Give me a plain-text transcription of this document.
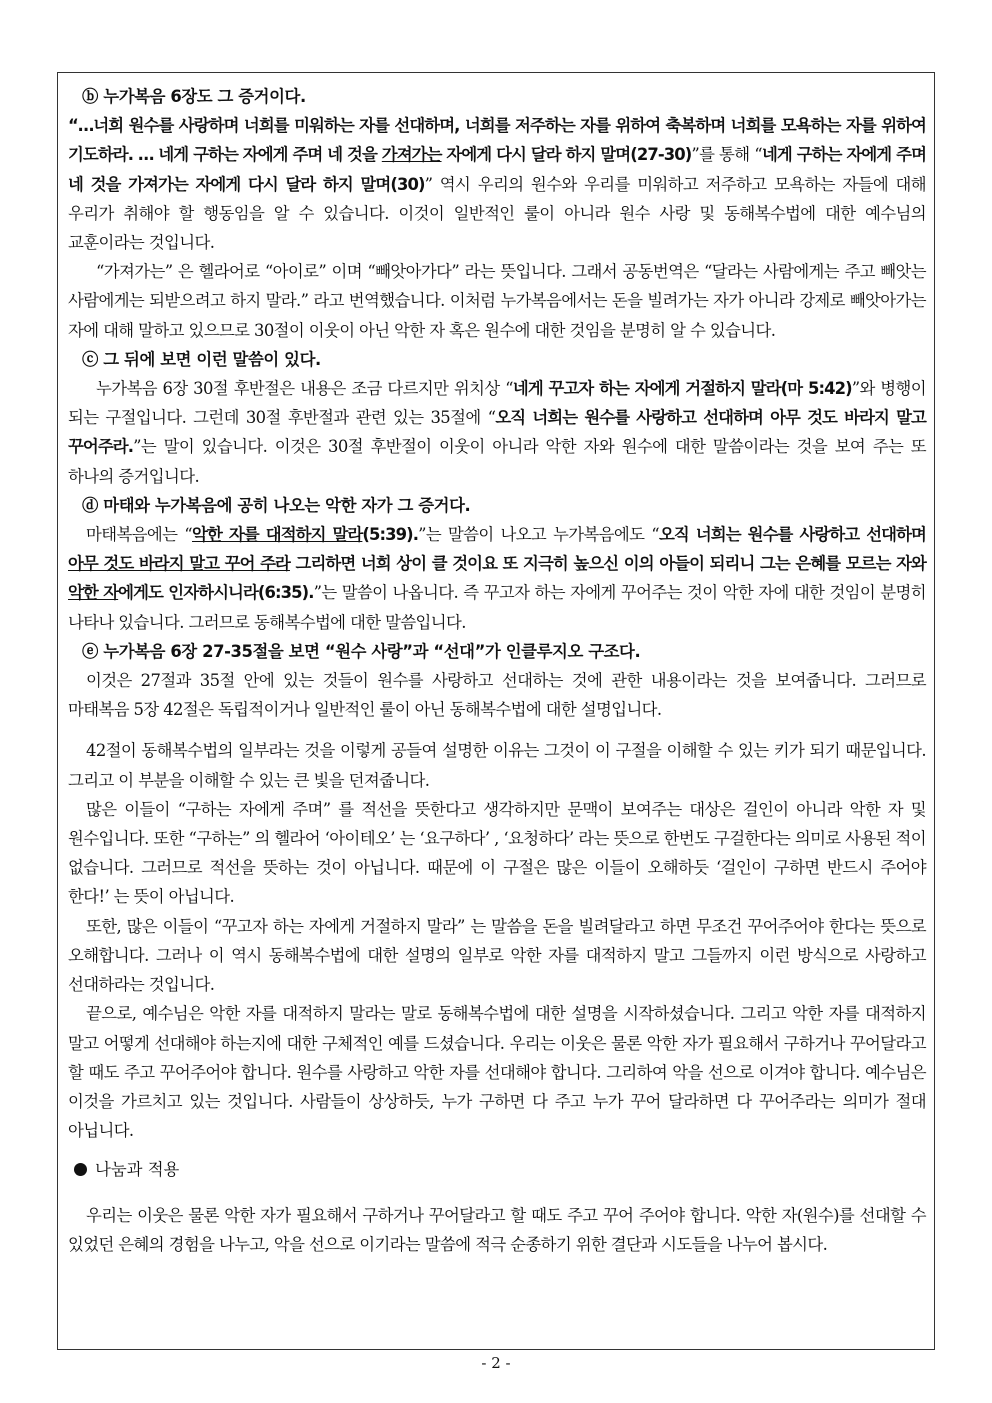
ⓑ 누가복음 6장도 그 증거이다.

“…너희 원수를 사랑하며 너희를 미워하는 자를 선대하며, 너희를 저주하는 자를 위하여 축복하며 너희를 모욕하는 자를 위하여 기도하라. … 네게 구하는 자에게 주며 네 것을 가져가는 자에게 다시 달라 하지 말며(27-30)”를 통해 “네게 구하는 자에게 주며 네 것을 가져가는 자에게 다시 달라 하지 말며(30)” 역시 우리의 원수와 우리를 미워하고 저주하고 모욕하는 자들에 대해 우리가 취해야 할 행동임을 알 수 있습니다. 이것이 일반적인 룰이 아니라 원수 사랑 및 동해복수법에 대한 예수님의 교훈이라는 것입니다.

“가져가는” 은 헬라어로 “아이로” 이며 “빼앗아가다” 라는 뜻입니다. 그래서 공동번역은 “달라는 사람에게는 주고 빼앗는 사람에게는 되받으려고 하지 말라.” 라고 번역했습니다. 이처럼 누가복음에서는 돈을 빌려가는 자가 아니라 강제로 빼앗아가는 자에 대해 말하고 있으므로 30절이 이웃이 아닌 악한 자 혹은 원수에 대한 것임을 분명히 알 수 있습니다.

ⓒ 그 뒤에 보면 이런 말씀이 있다.

누가복음 6장 30절 후반절은 내용은 조금 다르지만 위치상 “네게 꾸고자 하는 자에게 거절하지 말라(마 5:42)”와 병행이 되는 구절입니다. 그런데 30절 후반절과 관련 있는 35절에 “오직 너희는 원수를 사랑하고 선대하며 아무 것도 바라지 말고 꾸어주라.”는 말이 있습니다. 이것은 30절 후반절이 이웃이 아니라 악한 자와 원수에 대한 말씀이라는 것을 보여 주는 또 하나의 증거입니다.

ⓓ 마태와 누가복음에 공히 나오는 악한 자가 그 증거다.

마태복음에는 “악한 자를 대적하지 말라(5:39).”는 말씀이 나오고 누가복음에도 “오직 너희는 원수를 사랑하고 선대하며 아무 것도 바라지 말고 꾸어 주라 그리하면 너희 상이 클 것이요 또 지극히 높으신 이의 아들이 되리니 그는 은혜를 모르는 자와 악한 자에게도 인자하시니라(6:35).”는 말씀이 나옵니다. 즉 꾸고자 하는 자에게 꾸어주는 것이 악한 자에 대한 것임이 분명히 나타나 있습니다. 그러므로 동해복수법에 대한 말씀입니다.

ⓔ 누가복음 6장 27-35절을 보면 “원수 사랑”과 “선대”가 인클루지오 구조다.

이것은 27절과 35절 안에 있는 것들이 원수를 사랑하고 선대하는 것에 관한 내용이라는 것을 보여줍니다. 그러므로 마태복음 5장 42절은 독립적이거나 일반적인 룰이 아닌 동해복수법에 대한 설명입니다.

42절이 동해복수법의 일부라는 것을 이렇게 공들여 설명한 이유는 그것이 이 구절을 이해할 수 있는 키가 되기 때문입니다. 그리고 이 부분을 이해할 수 있는 큰 빛을 던져줍니다.

많은 이들이 “구하는 자에게 주며” 를 적선을 뜻한다고 생각하지만 문맥이 보여주는 대상은 걸인이 아니라 악한 자 및 원수입니다. 또한 “구하는” 의 헬라어 ‘아이테오’ 는 ‘요구하다’ , ‘요청하다’ 라는 뜻으로 한번도 구걸한다는 의미로 사용된 적이 없습니다. 그러므로 적선을 뜻하는 것이 아닙니다. 때문에 이 구절은 많은 이들이 오해하듯 ‘걸인이 구하면 반드시 주어야 한다!’ 는 뜻이 아닙니다.

또한, 많은 이들이 “꾸고자 하는 자에게 거절하지 말라” 는 말씀을 돈을 빌려달라고 하면 무조건 꾸어주어야 한다는 뜻으로 오해합니다. 그러나 이 역시 동해복수법에 대한 설명의 일부로 악한 자를 대적하지 말고 그들까지 이런 방식으로 사랑하고 선대하라는 것입니다.

끝으로, 예수님은 악한 자를 대적하지 말라는 말로 동해복수법에 대한 설명을 시작하셨습니다. 그리고 악한 자를 대적하지 말고 어떻게 선대해야 하는지에 대한 구체적인 예를 드셨습니다. 우리는 이웃은 물론 악한 자가 필요해서 구하거나 꾸어달라고 할 때도 주고 꾸어주어야 합니다. 원수를 사랑하고 악한 자를 선대해야 합니다. 그리하여 악을 선으로 이겨야 합니다. 예수님은 이것을 가르치고 있는 것입니다. 사람들이 상상하듯, 누가 구하면 다 주고 누가 꾸어 달라하면 다 꾸어주라는 의미가 절대 아닙니다.

나눔과 적용

우리는 이웃은 물론 악한 자가 필요해서 구하거나 꾸어달라고 할 때도 주고 꾸어 주어야 합니다. 악한 자(원수)를 선대할 수 있었던 은혜의 경험을 나누고, 악을 선으로 이기라는 말씀에 적극 순종하기 위한 결단과 시도들을 나누어 봅시다.

- 2 -
